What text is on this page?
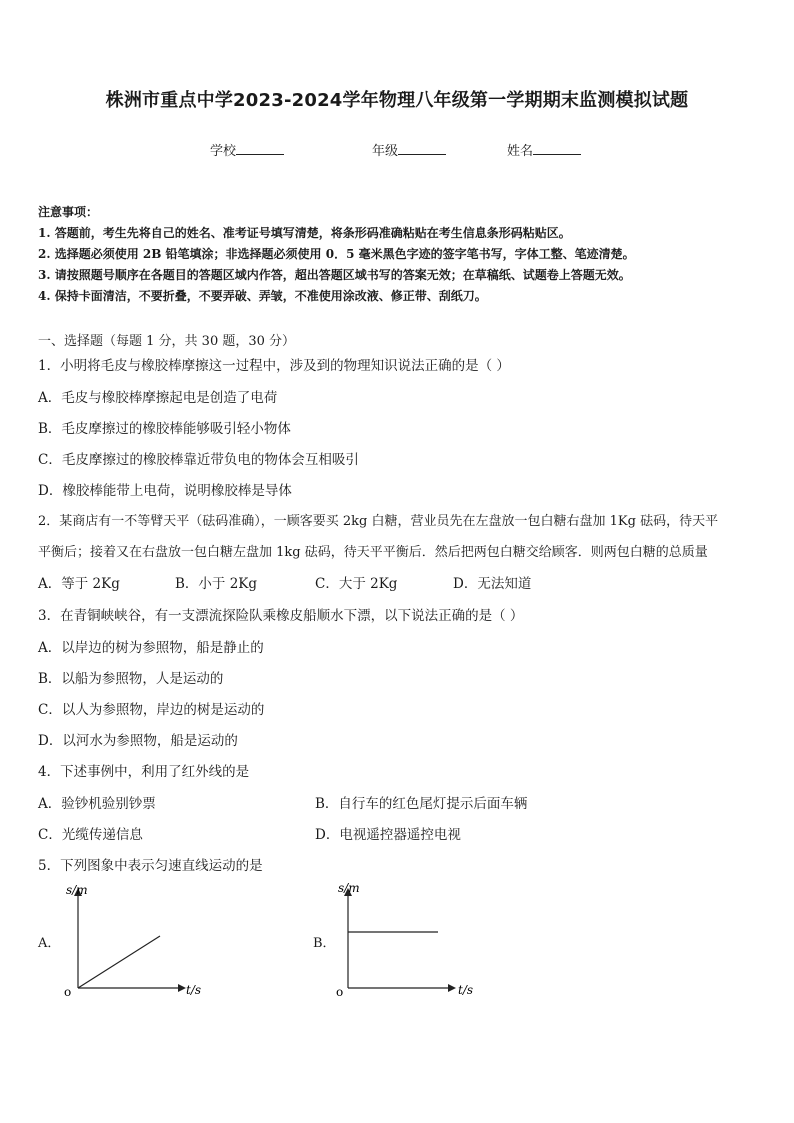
株洲市重点中学2023-2024学年物理八年级第一学期期末监测模拟试题
学校	年级	姓名
注意事项：
1. 答题前，考生先将自己的姓名、准考证号填写清楚，将条形码准确粘贴在考生信息条形码粘贴区。
2. 选择题必须使用 2B 铅笔填涂；非选择题必须使用 0．5 毫米黑色字迹的签字笔书写，字体工整、笔迹清楚。
3. 请按照题号顺序在各题目的答题区域内作答，超出答题区域书写的答案无效；在草稿纸、试题卷上答题无效。
4. 保持卡面清洁，不要折叠，不要弄破、弄皱，不准使用涂改液、修正带、刮纸刀。
一、选择题（每题 1 分，共 30 题，30 分）
1．小明将毛皮与橡胶棒摩擦这一过程中，涉及到的物理知识说法正确的是（ ）
A．毛皮与橡胶棒摩擦起电是创造了电荷
B．毛皮摩擦过的橡胶棒能够吸引轻小物体
C．毛皮摩擦过的橡胶棒靠近带负电的物体会互相吸引
D．橡胶棒能带上电荷，说明橡胶棒是导体
2．某商店有一不等臂天平（砝码准确），一顾客要买 2kg 白糖，营业员先在左盘放一包白糖右盘加 1Kg 砝码，待天平
平衡后；接着又在右盘放一包白糖左盘加 1kg 砝码，待天平平衡后．然后把两包白糖交给顾客．则两包白糖的总质量
A．等于 2Kg	B．小于 2Kg	C．大于 2Kg	D．无法知道
3．在青铜峡峡谷，有一支漂流探险队乘橡皮船顺水下漂，以下说法正确的是（ ）
A．以岸边的树为参照物，船是静止的
B．以船为参照物，人是运动的
C．以人为参照物，岸边的树是运动的
D．以河水为参照物，船是运动的
4．下述事例中，利用了红外线的是
A．验钞机验别钞票	B．自行车的红色尾灯提示后面车辆
C．光缆传递信息	D．电视遥控器遥控电视
5．下列图象中表示匀速直线运动的是
A．
s/m
t/s
o
B．
s/m
t/s
o
